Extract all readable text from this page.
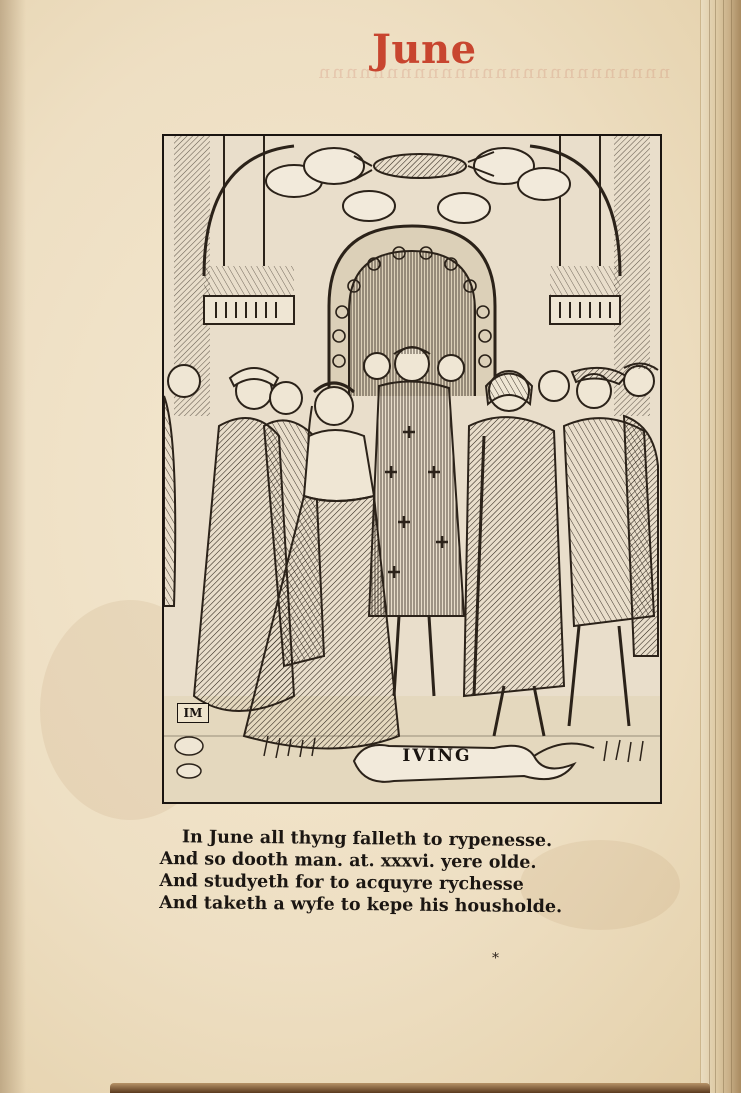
nnnnnnnnnnnnnnnnnnnnnnnnnn
June
IM
IVING
In June all thyng falleth to rypenesse.
And so dooth man. at. xxxvi. yere olde.
And studyeth for to acquyre rychesse
And taketh a wyfe to kepe his housholde.
⁎
